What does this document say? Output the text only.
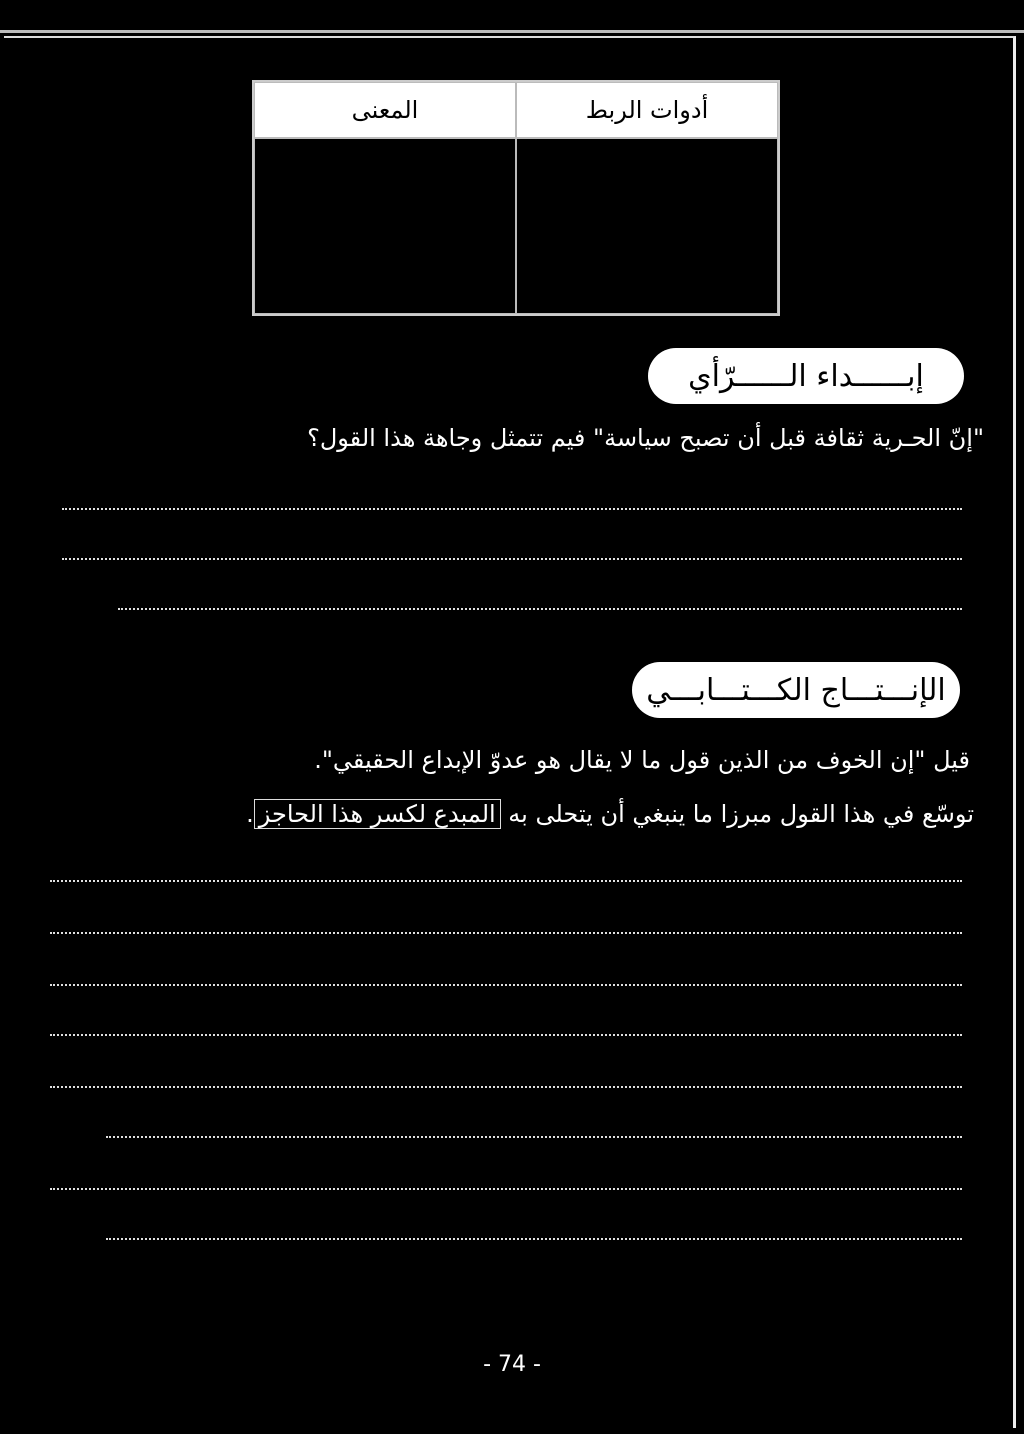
المعنى	أدوات الربط
إبــــــداء الــــــرّأي
"إنّ الحـرية ثقافة قبل أن تصبح سياسة" فيم تتمثل وجاهة هذا القول؟
الإنـــتـــاج الكـــتـــابـــي
قيل "إن الخوف من الذين قول ما لا يقال هو عدوّ الإبداع الحقيقي".
توسّع في هذا القول مبرزا ما ينبغي أن يتحلى به المبدع لكسر هذا الحاجز.
- 74 -
